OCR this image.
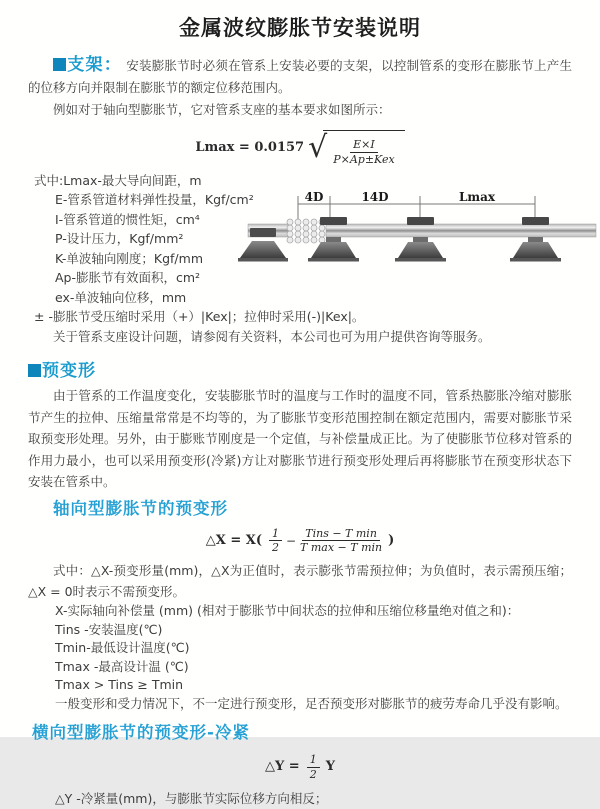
金属波纹膨胀节安装说明

支架： 安装膨胀节时必须在管系上安装必要的支架，以控制管系的变形在膨胀节上产生的位移方向并限制在膨胀节的额定位移范围内。

例如对于轴向型膨胀节，它对管系支座的基本要求如图所示：

Lmax = 0.0157 √ $\frac{E\times I}{\text{P×Ap±Kex}}$
式中:Lmax-最大导向间距，m
E-管系管道材料弹性投量，Kgf/cm²
I-管系管道的惯性矩，cm⁴
P-设计压力，Kgf/mm²
K-单波轴向刚度；Kgf/mm
Ap-膨胀节有效面积，cm²
ex-单波轴向位移，mm
± -膨胀节受压缩时采用（+）|Kex|；拉伸时采用(-)|Kex|。

关于管系支座设计问题，请参阅有关资料，本公司也可为用户提供咨询等服务。

预变形

由于管系的工作温度变化，安装膨胀节时的温度与工作时的温度不同，管系热膨胀冷缩对膨胀节产生的拉伸、压缩量常常是不均等的，为了膨胀节变形范围控制在额定范围内，需要对膨胀节采取预变形处理。另外，由于膨账节刚度是一个定值，与补偿量成正比。为了使膨胀节位移对管系的作用力最小，也可以采用预变形(冷紧)方让对膨胀节进行预变形处理后再将膨胀节在预变形状态下安装在管系中。

轴向型膨胀节的预变形
△X = $X( \frac{1}{2} - \frac{\text{Tins − T min}}{\text{T max − T min}}$ )

式中：△X-预变形量(mm)，△X为正值时，表示膨张节需预拉伸；为负值时，表示需预压缩；△X = 0时表示不需预变形。

X-实际轴向补偿量 (mm) (相对于膨胀节中间状态的拉伸和压缩位移量绝对值之和)：
Tins -安装温度(℃)
Tmin-最低设计温度(℃)
Tmax -最高设计温 (℃)
Tmax > Tins ≥ Tmin
一般变形和受力情况下，不一定进行预变形，足否预变形对膨胀节的疲劳寿命几乎没有影响。
横向型膨胀节的预变形-冷紧
△Y = $\frac{1}{2}$ Y
△Y -冷紧量(mm)，与膨胀节实际位移方向相反；
4D	14D	Lmax
